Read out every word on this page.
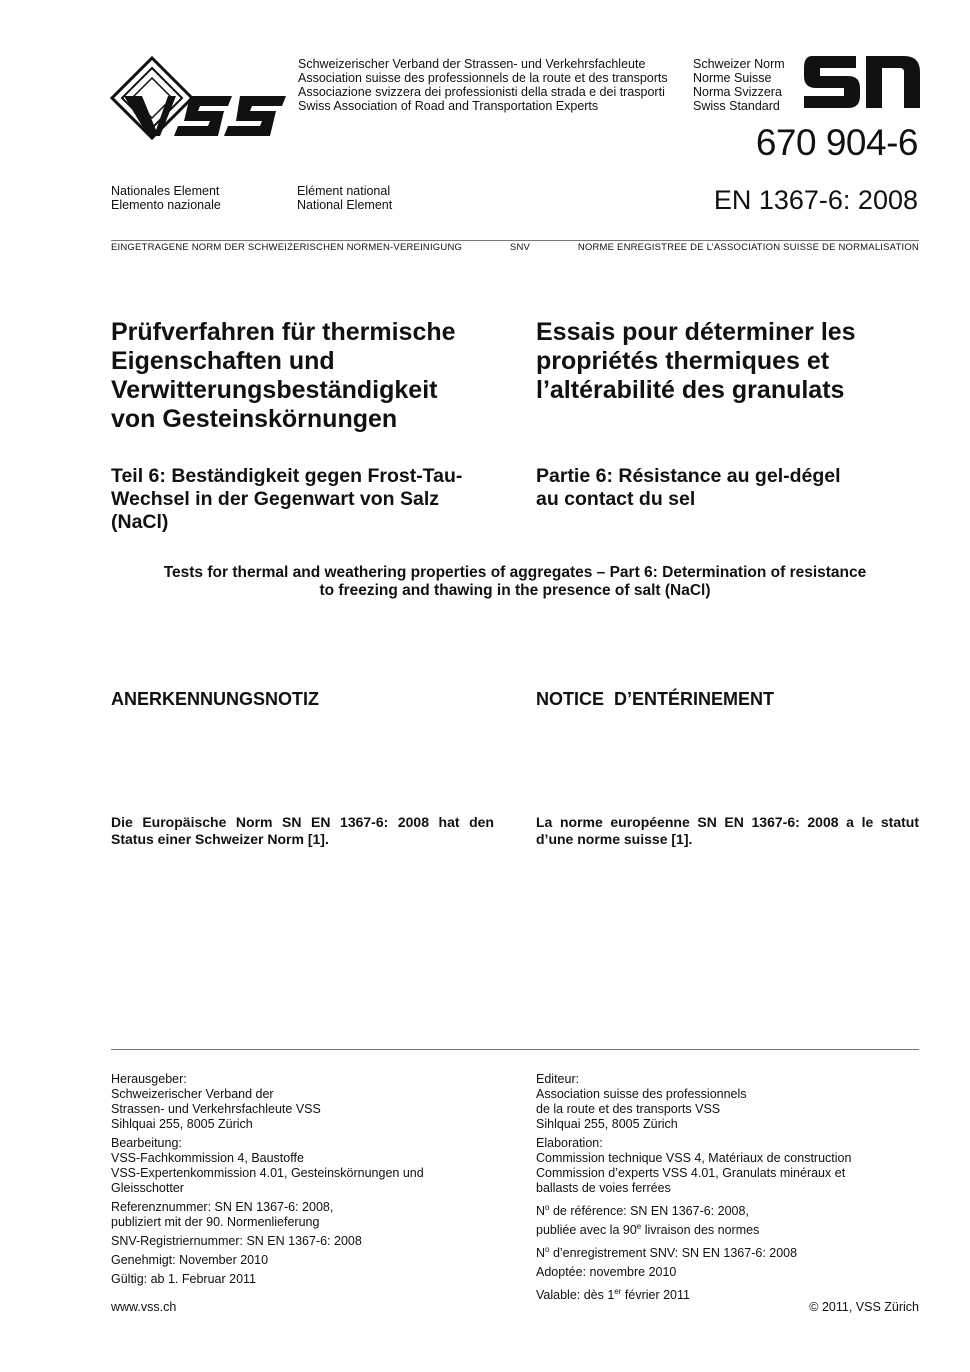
Schweizerischer Verband der Strassen- und Verkehrsfachleute
Association suisse des professionnels de la route et des transports
Associazione svizzera dei professionisti della strada e dei trasporti
Swiss Association of Road and Transportation Experts
Schweizer Norm
Norme Suisse
Norma Svizzera
Swiss Standard
670 904-6
EN 1367-6: 2008
Nationales Element
Elemento nazionale
Elément national
National Element
EINGETRAGENE NORM DER SCHWEIZERISCHEN NORMEN-VEREINIGUNG	SNV	NORME ENREGISTREE DE L’ASSOCIATION SUISSE DE NORMALISATION
Prüfverfahren für thermische
Eigenschaften und
Verwitterungsbeständigkeit
von Gesteinskörnungen
Essais pour déterminer les
propriétés thermiques et
l’altérabilité des granulats
Teil 6: Beständigkeit gegen Frost-Tau-
Wechsel in der Gegenwart von Salz
(NaCl)
Partie 6: Résistance au gel-dégel
au contact du sel
Tests for thermal and weathering properties of aggregates – Part 6: Determination of resistance
to freezing and thawing in the presence of salt (NaCl)
ANERKENNUNGSNOTIZ	NOTICE  D’ENTÉRINEMENT
Die Europäische Norm SN EN 1367-6: 2008 hat den Status einer Schweizer Norm [1].
La norme européenne SN EN 1367-6: 2008 a le statut d’une norme suisse [1].

Herausgeber:
Schweizerischer Verband der
Strassen- und Verkehrsfachleute VSS
Sihlquai 255, 8005 Zürich

Bearbeitung:
VSS-Fachkommission 4, Baustoffe
VSS-Expertenkommission 4.01, Gesteinskörnungen und
Gleisschotter

Referenznummer: SN EN 1367-6: 2008,
publiziert mit der 90. Normenlieferung

SNV-Registriernummer: SN EN 1367-6: 2008

Genehmigt: November 2010

Gültig: ab 1. Februar 2011

Editeur:
Association suisse des professionnels
de la route et des transports VSS
Sihlquai 255, 8005 Zürich

Elaboration:
Commission technique VSS 4, Matériaux de construction
Commission d’experts VSS 4.01, Granulats minéraux et
ballasts de voies ferrées

$N^o$ de référence: SN EN 1367-6: 2008,
publiée avec la 90e livraison des normes

$N^o$ d’enregistrement SNV: SN EN 1367-6: 2008

Adoptée: novembre 2010

Valable: dès 1er février 2011

www.vss.ch	© 2011, VSS Zürich
